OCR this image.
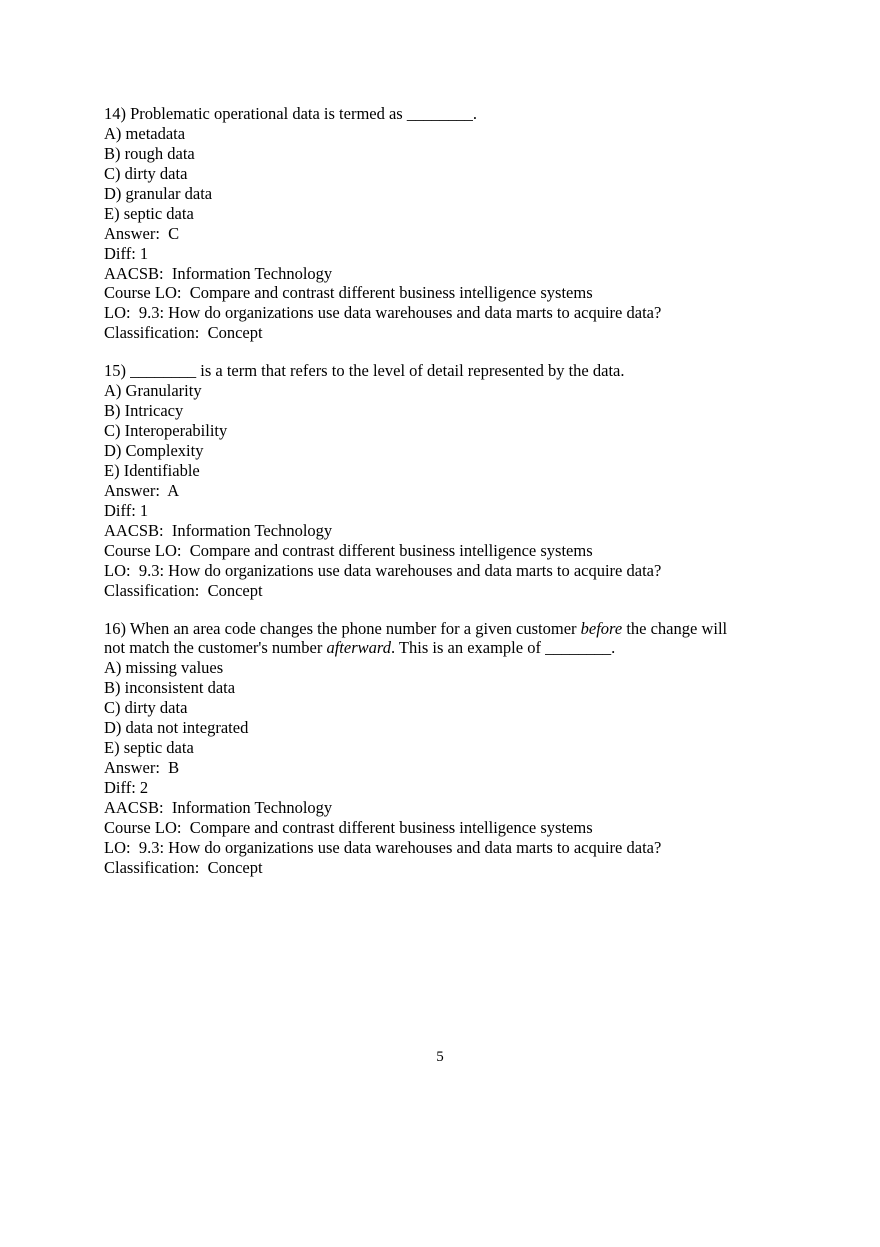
14) Problematic operational data is termed as ________.
A) metadata
B) rough data
C) dirty data
D) granular data
E) septic data
Answer:  C
Diff: 1
AACSB:  Information Technology
Course LO:  Compare and contrast different business intelligence systems
LO:  9.3: How do organizations use data warehouses and data marts to acquire data?
Classification:  Concept
15) ________ is a term that refers to the level of detail represented by the data.
A) Granularity
B) Intricacy
C) Interoperability
D) Complexity
E) Identifiable
Answer:  A
Diff: 1
AACSB:  Information Technology
Course LO:  Compare and contrast different business intelligence systems
LO:  9.3: How do organizations use data warehouses and data marts to acquire data?
Classification:  Concept
16) When an area code changes the phone number for a given customer before the change will
not match the customer's number afterward. This is an example of ________.
A) missing values
B) inconsistent data
C) dirty data
D) data not integrated
E) septic data
Answer:  B
Diff: 2
AACSB:  Information Technology
Course LO:  Compare and contrast different business intelligence systems
LO:  9.3: How do organizations use data warehouses and data marts to acquire data?
Classification:  Concept
5
